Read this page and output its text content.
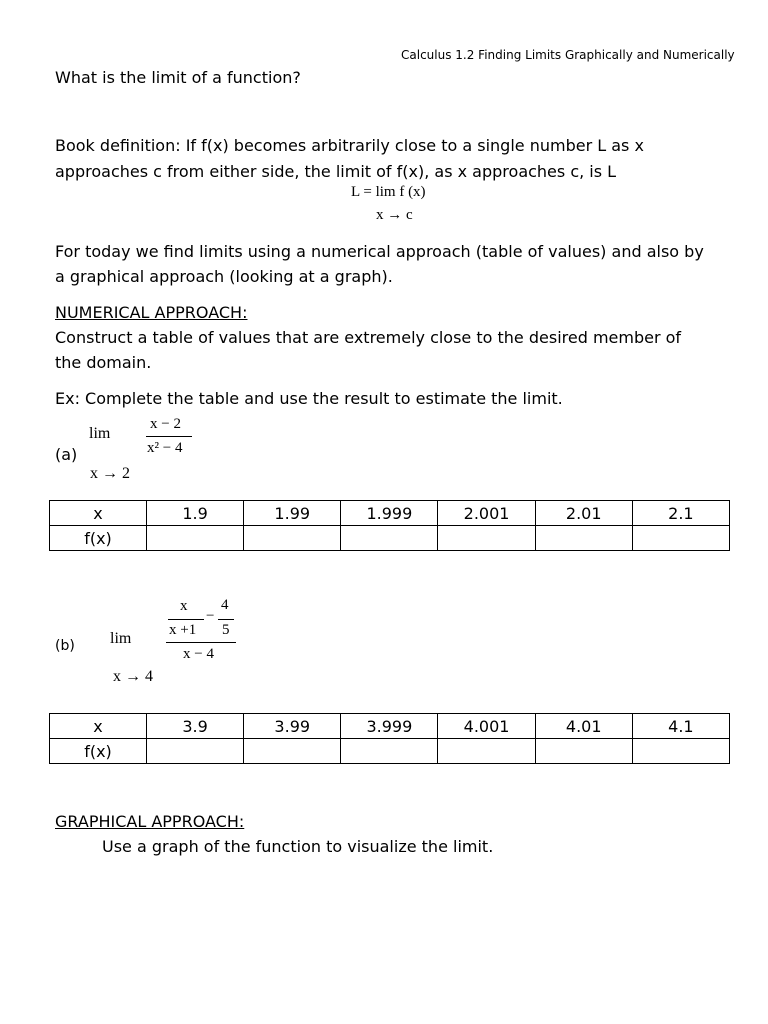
Calculus 1.2 Finding Limits Graphically and Numerically
What is the limit of a function?
Book definition: If f(x) becomes arbitrarily close to a single number L as x
approaches c from either side, the limit of f(x), as x approaches c, is L
L = lim f (x)
x → c
For today we find limits using a numerical approach (table of values) and also by
a graphical approach (looking at a graph).
NUMERICAL APPROACH:
Construct a table of values that are extremely close to the desired member of
the domain.
Ex: Complete the table and use the result to estimate the limit.
(a)
lim
x − 2
x² − 4
x → 2
x	1.9	1.99	1.999	2.001	2.01	2.1
f(x)						
(b) lim
x
x +1
−
4
5
x − 4
x → 4
x	3.9	3.99	3.999	4.001	4.01	4.1
f(x)						
GRAPHICAL APPROACH:
Use a graph of the function to visualize the limit.
